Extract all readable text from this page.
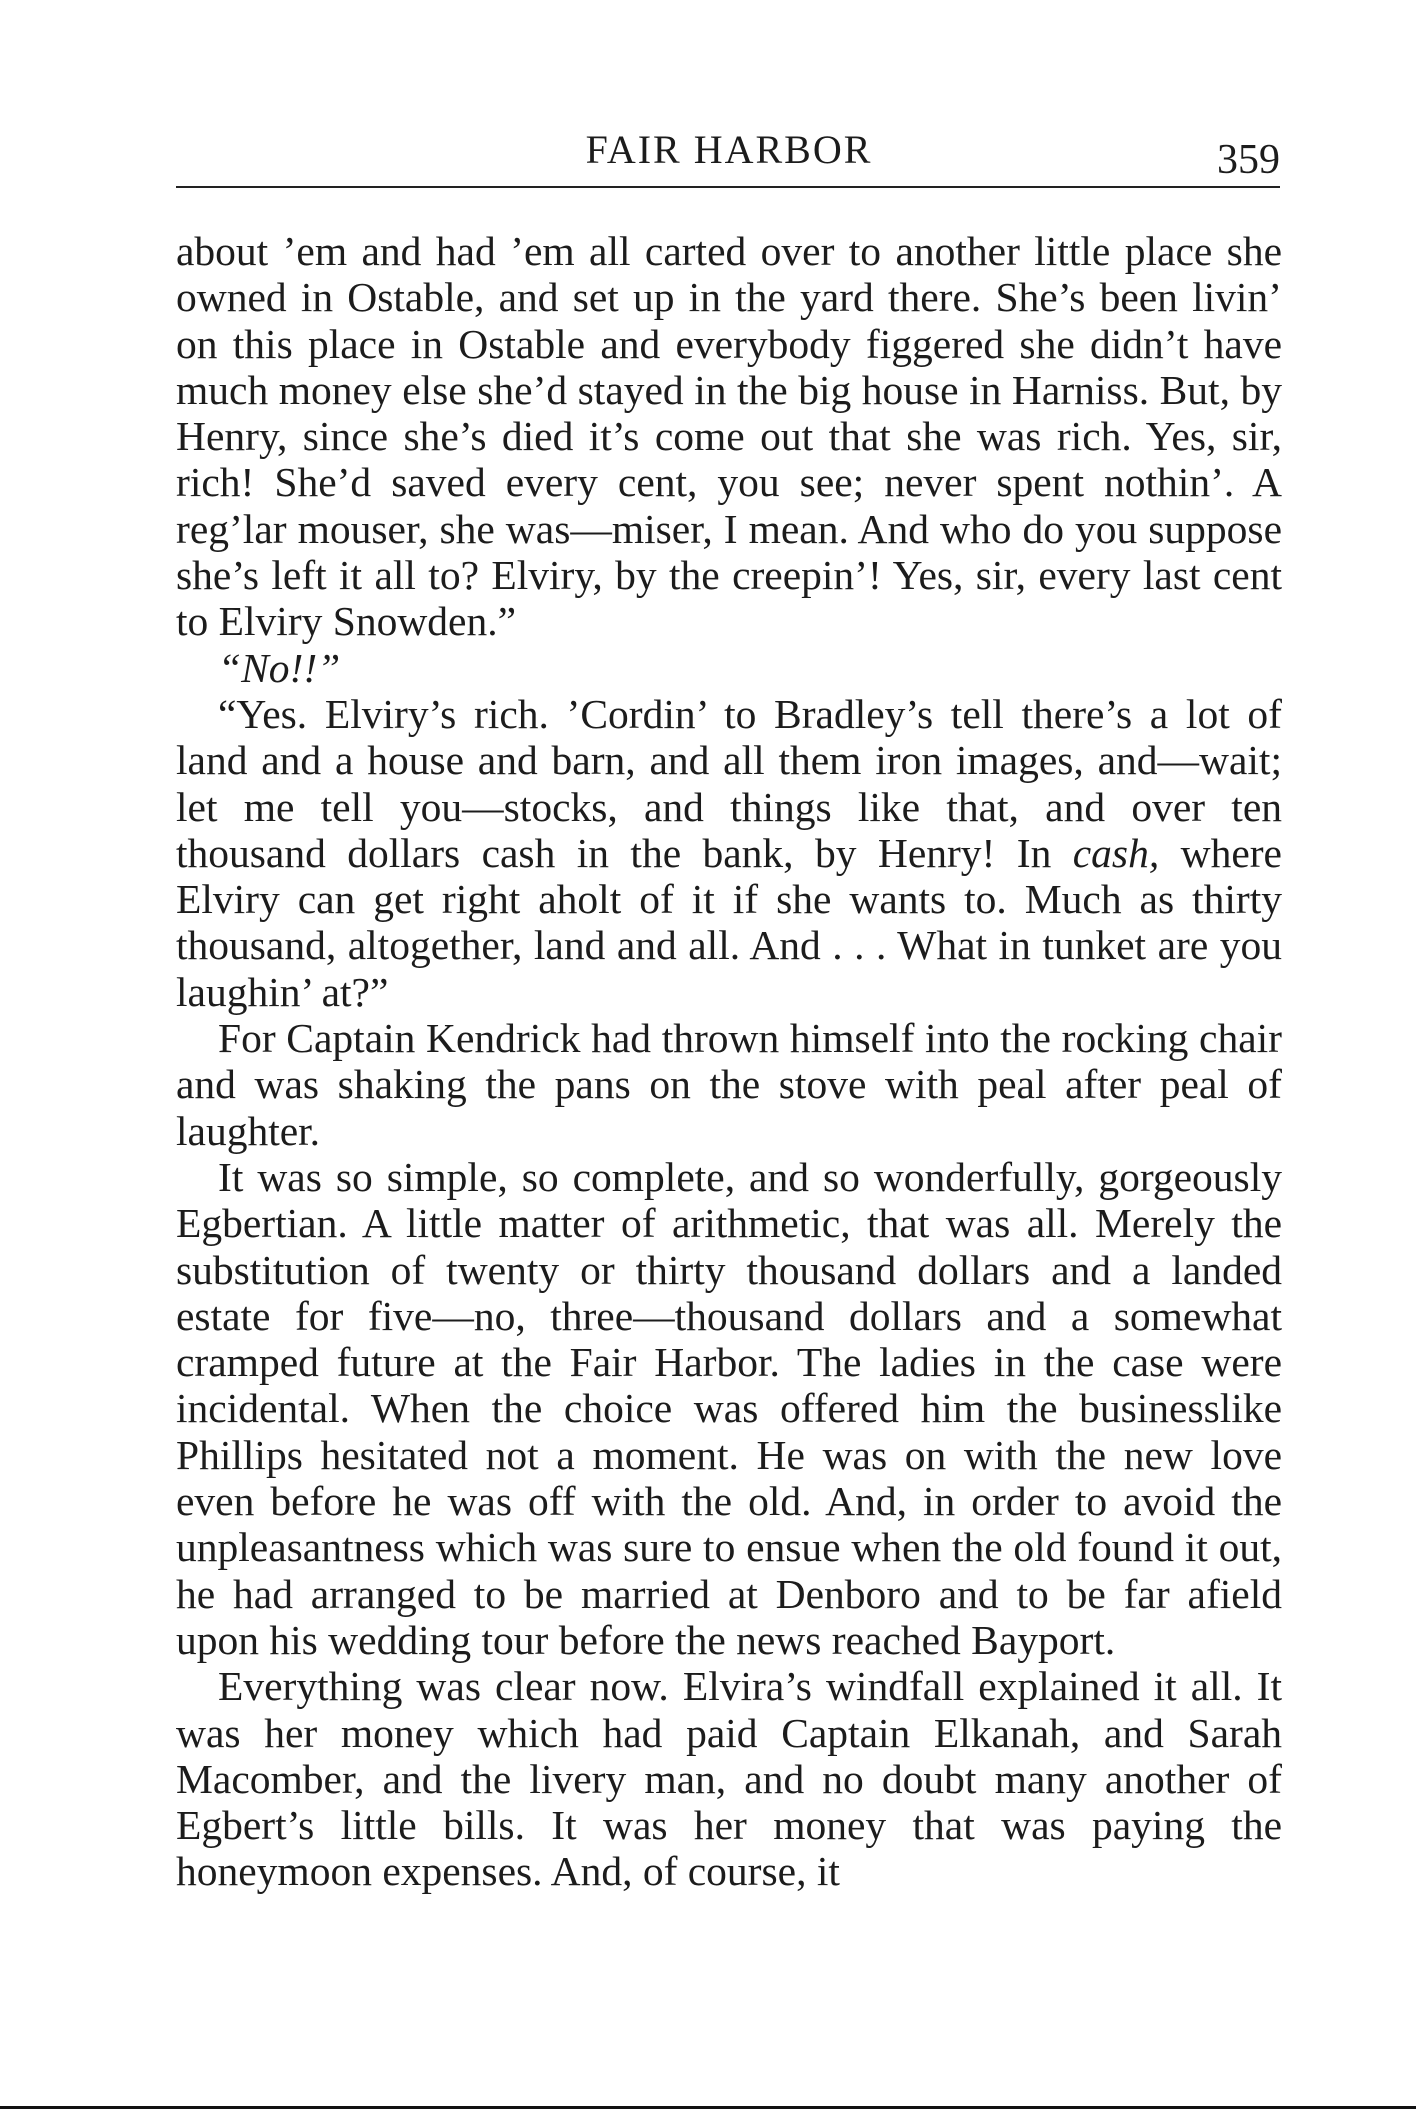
FAIR HARBOR	359

about ’em and had ’em all carted over to another little place she owned in Ostable, and set up in the yard there. She’s been livin’ on this place in Ostable and everybody figgered she didn’t have much money else she’d stayed in the big house in Harniss. But, by Henry, since she’s died it’s come out that she was rich. Yes, sir, rich! She’d saved every cent, you see; never spent nothin’. A reg’lar mouser, she was—miser, I mean. And who do you suppose she’s left it all to? Elviry, by the creepin’! Yes, sir, every last cent to Elviry Snowden.”

“No!!”

“Yes. Elviry’s rich. ’Cordin’ to Bradley’s tell there’s a lot of land and a house and barn, and all them iron images, and—wait; let me tell you—stocks, and things like that, and over ten thousand dollars cash in the bank, by Henry! In cash, where Elviry can get right aholt of it if she wants to. Much as thirty thousand, altogether, land and all. And . . . What in tunket are you laughin’ at?”

For Captain Kendrick had thrown himself into the rocking chair and was shaking the pans on the stove with peal after peal of laughter.

It was so simple, so complete, and so wonderfully, gorgeously Egbertian. A little matter of arithmetic, that was all. Merely the substitution of twenty or thirty thousand dollars and a landed estate for five—no, three—thousand dollars and a somewhat cramped future at the Fair Harbor. The ladies in the case were incidental. When the choice was offered him the businesslike Phillips hesitated not a moment. He was on with the new love even before he was off with the old. And, in order to avoid the unpleasantness which was sure to ensue when the old found it out, he had arranged to be married at Denboro and to be far afield upon his wedding tour before the news reached Bayport.

Everything was clear now. Elvira’s windfall explained it all. It was her money which had paid Captain Elkanah, and Sarah Macomber, and the livery man, and no doubt many another of Egbert’s little bills. It was her money that was paying the honeymoon expenses. And, of course, it
